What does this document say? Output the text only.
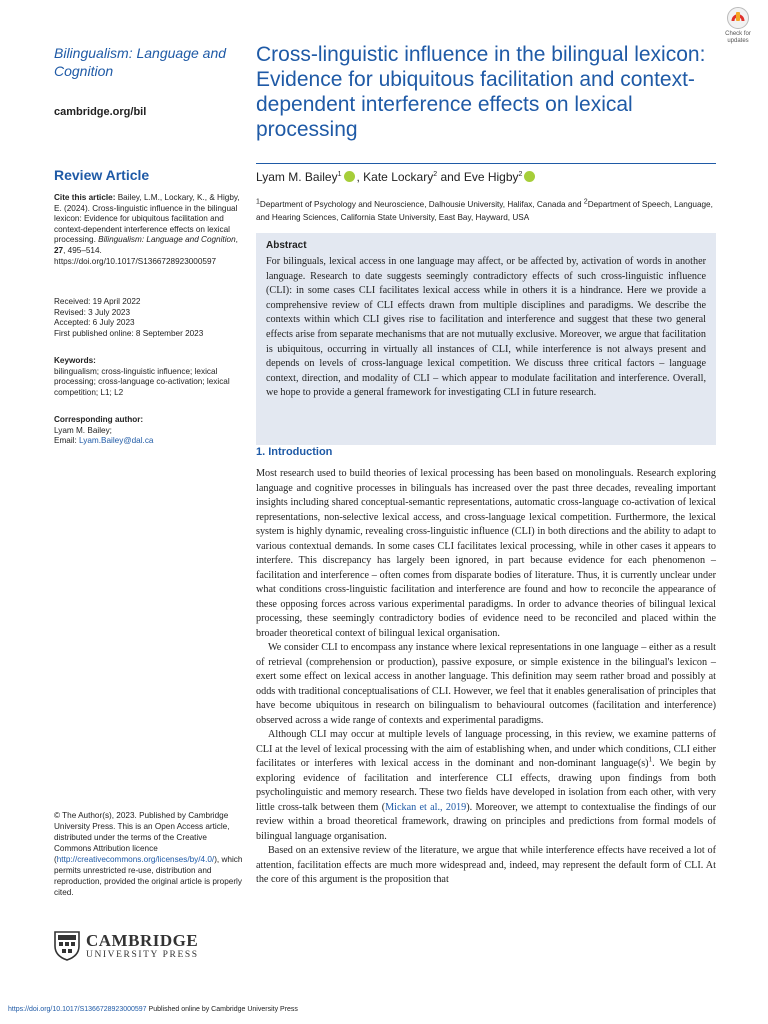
Bilingualism: Language and Cognition
cambridge.org/bil
Review Article
Cite this article: Bailey, L.M., Lockary, K., & Higby, E. (2024). Cross-linguistic influence in the bilingual lexicon: Evidence for ubiquitous facilitation and context-dependent interference effects on lexical processing. Bilingualism: Language and Cognition, 27, 495–514. https://doi.org/10.1017/S1366728923000597
Received: 19 April 2022
Revised: 3 July 2023
Accepted: 6 July 2023
First published online: 8 September 2023
Keywords:
bilingualism; cross-linguistic influence; lexical processing; cross-language co-activation; lexical competition; L1; L2
Corresponding author:
Lyam M. Bailey;
Email: Lyam.Bailey@dal.ca
© The Author(s), 2023. Published by Cambridge University Press. This is an Open Access article, distributed under the terms of the Creative Commons Attribution licence (http://creativecommons.org/licenses/by/4.0/), which permits unrestricted re-use, distribution and reproduction, provided the original article is properly cited.
CAMBRIDGE
UNIVERSITY PRESS
Check for
updates
Cross-linguistic influence in the bilingual lexicon: Evidence for ubiquitous facilitation and context-dependent interference effects on lexical processing
Lyam M. Bailey$^1$ , Kate Lockary$^2$ and Eve Higby$^2$
$^1$Department of Psychology and Neuroscience, Dalhousie University, Halifax, Canada and $^2$Department of Speech, Language, and Hearing Sciences, California State University, East Bay, Hayward, USA
Abstract
For bilinguals, lexical access in one language may affect, or be affected by, activation of words in another language. Research to date suggests seemingly contradictory effects of such cross-linguistic influence (CLI): in some cases CLI facilitates lexical access while in others it is a hindrance. Here we provide a comprehensive review of CLI effects drawn from multiple disciplines and paradigms. We describe the contexts within which CLI gives rise to facilitation and interference and suggest that these two general effects arise from separate mechanisms that are not mutually exclusive. Moreover, we argue that facilitation is ubiquitous, occurring in virtually all instances of CLI, while interference is not always present and depends on levels of cross-language lexical competition. We discuss three critical factors – language context, direction, and modality of CLI – which appear to modulate facilitation and interference. Overall, we hope to provide a general framework for investigating CLI in future research.
1. Introduction

Most research used to build theories of lexical processing has been based on monolinguals. Research exploring language and cognitive processes in bilinguals has increased over the past three decades, revealing important insights including shared conceptual-semantic representations, automatic cross-language co-activation of lexical representations, non-selective lexical access, and cross-language lexical competition. Furthermore, the lexical system is highly dynamic, revealing cross-linguistic influence (CLI) in both directions and the ability to adapt to various contextual demands. In some cases CLI facilitates lexical processing, while in other cases it appears to interfere. This discrepancy has largely been ignored, in part because evidence for each phenomenon – facilitation and interference – often comes from disparate bodies of literature. Thus, it is currently unclear under what conditions cross-linguistic facilitation and interference are found and how to reconcile the appearance of these opposing forces across various experimental paradigms. In order to advance theories of bilingual lexical processing, these seemingly contradictory bodies of evidence need to be reconciled and placed within the broader theoretical context of bilingual lexical organisation.

We consider CLI to encompass any instance where lexical representations in one language – either as a result of retrieval (comprehension or production), passive exposure, or simple existence in the bilingual's lexicon – exert some effect on lexical access in another language. This definition may seem rather broad and possibly at odds with traditional conceptualisations of CLI. However, we feel that it enables generalisation of principles that have become ubiquitous in research on bilingualism to behavioural outcomes (facilitation and interference) observed across a wide range of contexts and experimental paradigms.

Although CLI may occur at multiple levels of language processing, in this review, we examine patterns of CLI at the level of lexical processing with the aim of establishing when, and under which conditions, CLI either facilitates or interferes with lexical access in the dominant and non-dominant $language(s)^1$. We begin by exploring evidence of facilitation and interference CLI effects, drawing upon findings from both psycholinguistic and memory research. These two fields have developed in isolation from each other, with very little cross-talk between them (Mickan et al., 2019). Moreover, we attempt to contextualise the findings of our review within a broad theoretical framework, drawing on principles and predictions from formal models of bilingual language organisation.

Based on an extensive review of the literature, we argue that while interference effects have received a lot of attention, facilitation effects are much more widespread and, indeed, may represent the default form of CLI. At the core of this argument is the proposition that

https://doi.org/10.1017/S1366728923000597 Published online by Cambridge University Press
